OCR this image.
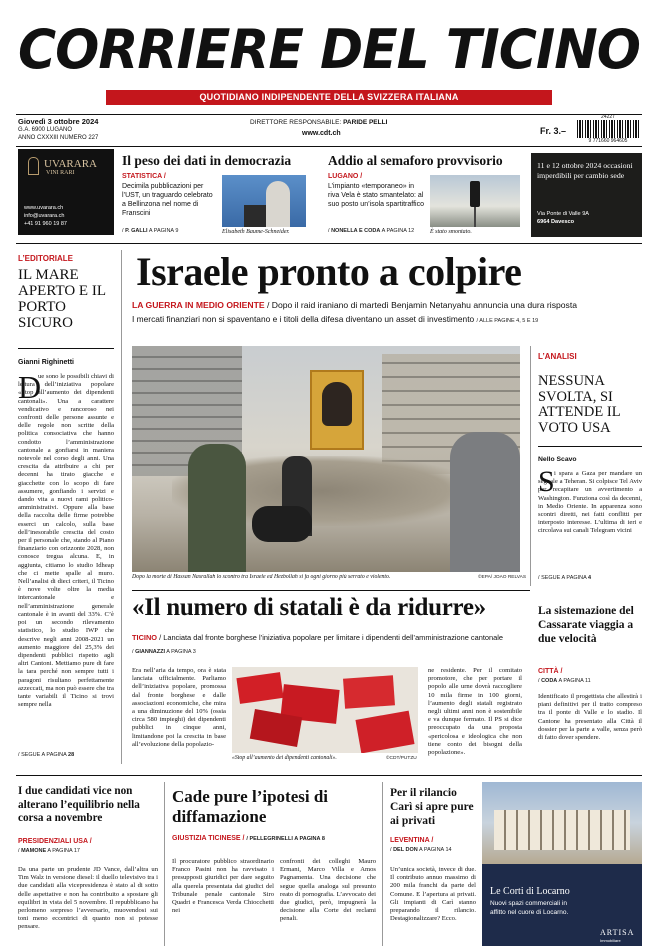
CORRIERE DEL TICINO
QUOTIDIANO INDIPENDENTE DELLA SVIZZERA ITALIANA
Giovedì 3 ottobre 2024
G.A. 6900 LUGANO
ANNO CXXXIII NUMERO 227
DIRETTORE RESPONSABILE: PARIDE PELLI
www.cdt.ch	Fr. 3.–
24227
9 771660 964605
UVARARA
VINI RARI
www.uvarara.ch
info@uvarara.ch
+41 91 960 19 87
Il peso dei dati in democrazia
STATISTICA /
Decimila pubblicazioni per l’UST, un traguardo celebrato a Bellinzona nel nome di Franscini
/ P. GALLI A PAGINA 9	Elisabeth Baume-Schneider.
Addio al semaforo provvisorio
LUGANO /
L’impianto «temporaneo» in riva Vela è stato smantelato: al suo posto un’isola spartitraffico
/ NONELLA E CODA A PAGINA 12	È stato smontato.
11 e 12 ottobre 2024 occasioni imperdibili per cambio sede
Via Ponte di Valle 9A
6964 Davesco
L’EDITORIALE
IL MARE APERTO E IL PORTO SICURO
Gianni Righinetti
D
ue sono le possibili chiavi di lettura dell’iniziativa popolare «Stop all’aumento dei dipendenti cantonali». Una a carattere vendicativo e rancoroso nei confronti delle persone assunte e delle regole non scritte della politica consociativa che hanno condotto l’amministrazione cantonale a gonfiarsi in maniera notevole nel corso degli anni. Una crescita da attribuire a chi per decenni ha tirato giacche e giacchette con lo scopo di fare assumere, gonfiando i servizi e dando vita a nuovi rami politico-amministrativi. Oppure alla base della raccolta delle firme potrebbe esserci un calcolo, sulla base dell’inesorabile crescita del costo per il personale che, stando al Piano finanziario con orizzonte 2028, non conosce tregua alcuna. E, in aggiunta, citiamo lo studio Idheap che ci mette spalle al muro. Nell’analisi di dieci criteri, il Ticino è nove volte oltre la media intercantonale e nell’amministrazione generale cantonale è in avanti del 33%. C’è poi un secondo rilevamento statistico, lo studio IWP che descrive negli anni 2008-2021 un aumento maggiore del 25,3% dei dipendenti pubblici rispetto agli altri Cantoni. Mettiamo pure di fare la tara perché non sempre tutti i paragoni risultano perfettamente azzeccati, ma non può essere che tra tante variabili il Ticino si trovi sempre nella
/ SEGUE A PAGINA 28
Israele pronto a colpire
LA GUERRA IN MEDIO ORIENTE / Dopo il raid iraniano di martedì Benjamin Netanyahu annuncia una dura risposta
I mercati finanziari non si spaventano e i titoli della difesa diventano un asset di investimento / ALLE PAGINE 4, 5 E 19
Dopo la morte di Hassan Nasrallah lo scontro tra Israele ed Hezbollah si fa ogni giorno più serrato e violento.	©EPA/ JOAO RELVAS
L’ANALISI
NESSUNA SVOLTA, SI ATTENDE IL VOTO USA
Nello Scavo
S i spara a Gaza per mandare un segnale a Teheran. Si colpisce Tel Aviv per recapitare un avvertimento a Washington. Funziona così da decenni, in Medio Oriente. In apparenza sono scontri diretti, nei fatti conflitti per interposto interesse. L’ultima di ieri e circolava sui canali Telegram vicini
/ SEGUE A PAGINA 4
«Il numero di statali è da ridurre»
TICINO / Lanciata dal fronte borghese l’iniziativa popolare per limitare i dipendenti dell’amministrazione cantonale
/ GIANNAZZI A PAGINA 3
Era nell’aria da tempo, ora è stata lanciata ufficialmente. Parliamo dell’iniziativa popolare, promossa dal fronte borghese e dalle associazioni economiche, che mira a una diminuzione del 10% (ossia circa 580 impieghi) dei dipendenti pubblici in cinque anni, limitandone poi la crescita in base all’evoluzione della popolazio-
«Stop all’aumento dei dipendenti cantonali».	©CDT/PUTZU
ne residente. Per il comitato promotore, che per portare il popolo alle urne dovrà raccogliere 10 mila firme in 100 giorni, l’aumento degli statali registrato negli ultimi anni non è sostenibile e va dunque fermato. Il PS si dice preoccupato da una proposta «pericolosa e ideologica che non tiene conto dei bisogni della popolazione».
La sistemazione del Cassarate viaggia a due velocità
CITTÀ /
/ CODA A PAGINA 11
Identificato il progettista che allestirà i piani definitivi per il tratto compreso tra il ponte di Valle e lo stadio. Il Cantone ha presentato alla Città il dossier per la parte a valle, senza però di fatto dover spendere.
I due candidati vice non alterano l’equilibrio nella corsa a novembre
PRESIDENZIALI USA /
/ MAMONE A PAGINA 17
Da una parte un prudente JD Vance, dall’altra un Tim Walz in versione diesel: il duello televisivo tra i due candidati alla vicepresidenza è stato al di sotto delle aspettative e non ha contribuito a spostare gli equilibri in vista del 5 novembre. Il repubblicano ha perlomeno sorpreso l’avversario, muovendosi sui toni meno eccentrici di quanto non si potesse pensare.
Cade pure l’ipotesi di diffamazione
GIUSTIZIA TICINESE / / PELLEGRINELLI A PAGINA 8
Il procuratore pubblico straordinario Franco Pasini non ha ravvisato i presupposti giuridici per dare seguito alla querela presentata dai giudici del Tribunale penale cantonale Siro Quadri e Francesca Verda Chiocchetti nei
confronti dei colleghi Mauro Ermani, Marco Villa e Amos Pagnamenta. Una decisione che segue quella analoga sul presunto reato di pornografia. L’avvocato dei due giudici, però, impugnerà la decisione alla Corte dei reclami penali.
Per il rilancio Carì si apre pure ai privati
LEVENTINA /
/ DEL DON A PAGINA 14
Un’unica società, invece di due. Il contributo annuo massimo di 200 mila franchi da parte del Comune. E l’apertura ai privati. Gli impianti di Carì stanno preparando il rilancio. Destagionalizzare? Ecco.
Le Corti di Locarno
Nuovi spazi commerciali in
affitto nel cuore di Locarno.
ARTISA
Immobiliare
